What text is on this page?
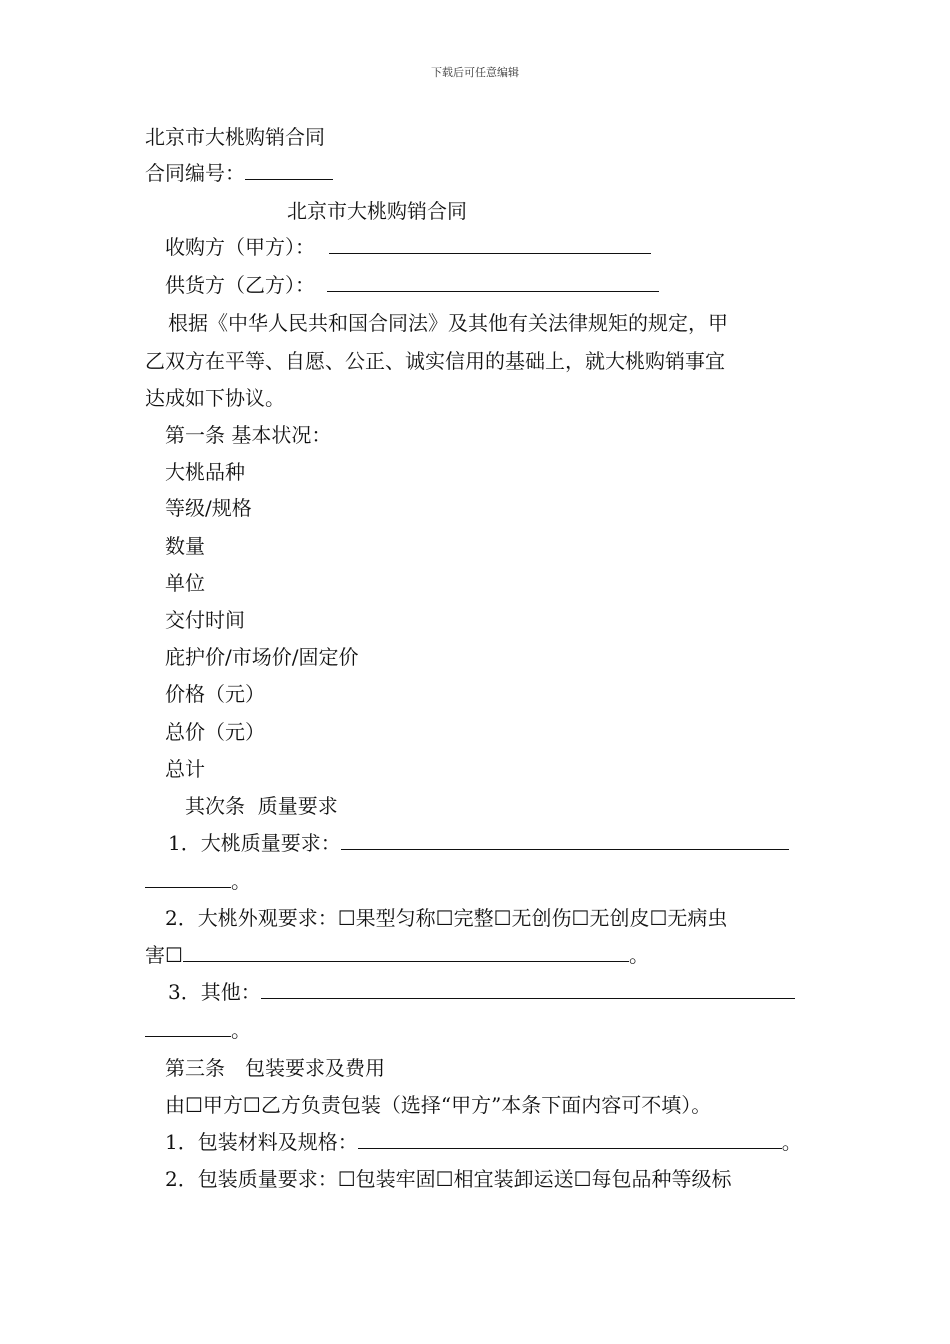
下载后可任意编辑
北京市大桃购销合同
合同编号：
北京市大桃购销合同
收购方（甲方）：
供货方（乙方）：
根据《中华人民共和国合同法》及其他有关法律规矩的规定，甲
乙双方在平等、自愿、公正、诚实信用的基础上，就大桃购销事宜
达成如下协议。
第一条 基本状况：
大桃品种
等级/规格
数量
单位
交付时间
庇护价/市场价/固定价
价格（元）
总价（元）
总计
其次条  质量要求
1．大桃质量要求：
。
2．大桃外观要求：☐果型匀称☐完整☐无创伤☐无创皮☐无病虫
害☐	。
3．其他：
。
第三条　包装要求及费用
由☐甲方☐乙方负责包装（选择“甲方”本条下面内容可不填）。
1．包装材料及规格：	。
2．包装质量要求：☐包装牢固☐相宜装卸运送☐每包品种等级标
